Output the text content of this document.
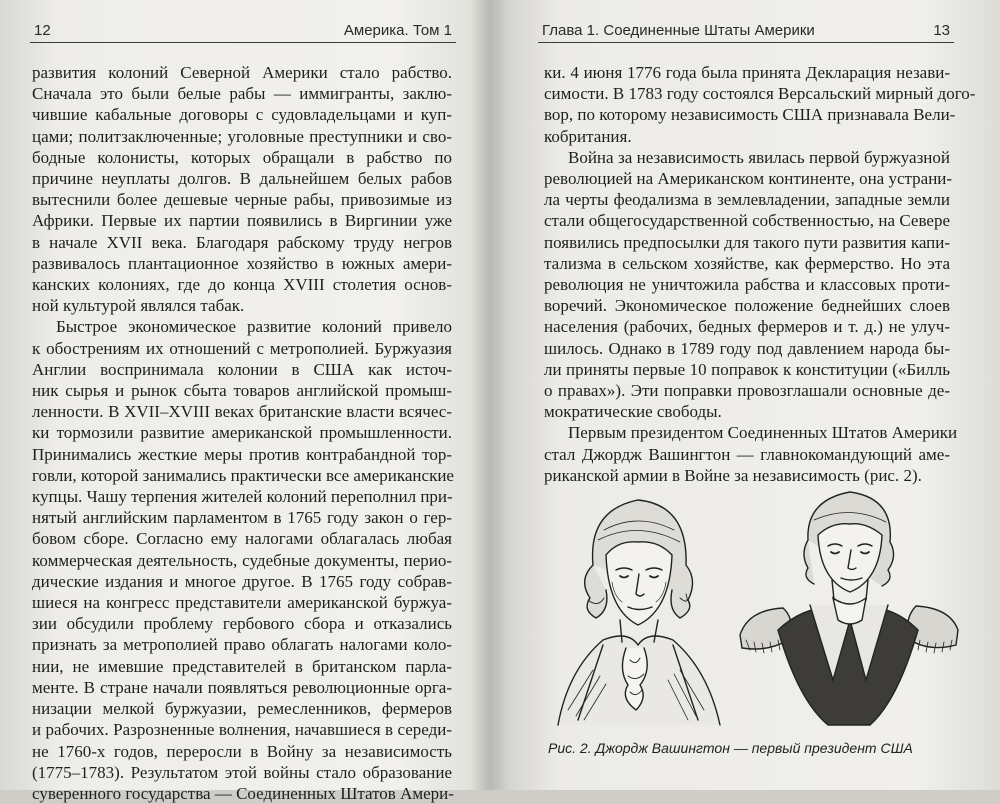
12	Америка. Том 1
развития колоний Северной Америки стало рабство.
Сначала это были белые рабы — иммигранты, заклю-
чившие кабальные договоры с судовладельцами и куп-
цами; политзаключенные; уголовные преступники и сво-
бодные колонисты, которых обращали в рабство по
причине неуплаты долгов. В дальнейшем белых рабов
вытеснили более дешевые черные рабы, привозимые из
Африки. Первые их партии появились в Виргинии уже
в начале XVII века. Благодаря рабскому труду негров
развивалось плантационное хозяйство в южных амери-
канских колониях, где до конца XVIII столетия основ-
ной культурой являлся табак.
Быстрое экономическое развитие колоний привело
к обострениям их отношений с метрополией. Буржуазия
Англии воспринимала колонии в США как источ-
ник сырья и рынок сбыта товаров английской промыш-
ленности. В XVII–XVIII веках британские власти всячес-
ки тормозили развитие американской промышленности.
Принимались жесткие меры против контрабандной тор-
говли, которой занимались практически все американские
купцы. Чашу терпения жителей колоний переполнил при-
нятый английским парламентом в 1765 году закон о гер-
бовом сборе. Согласно ему налогами облагалась любая
коммерческая деятельность, судебные документы, перио-
дические издания и многое другое. В 1765 году собрав-
шиеся на конгресс представители американской буржуа-
зии обсудили проблему гербового сбора и отказались
признать за метрополией право облагать налогами коло-
нии, не имевшие представителей в британском парла-
менте. В стране начали появляться революционные орга-
низации мелкой буржуазии, ремесленников, фермеров
и рабочих. Разрозненные волнения, начавшиеся в середи-
не 1760-х годов, переросли в Войну за независимость
(1775–1783). Результатом этой войны стало образование
суверенного государства — Соединенных Штатов Амери-
Глава 1. Соединенные Штаты Америки	13
ки. 4 июня 1776 года была принята Декларация незави-
симости. В 1783 году состоялся Версальский мирный дого-
вор, по которому независимость США признавала Вели-
кобритания.
Война за независимость явилась первой буржуазной
революцией на Американском континенте, она устрани-
ла черты феодализма в землевладении, западные земли
стали общегосударственной собственностью, на Севере
появились предпосылки для такого пути развития капи-
тализма в сельском хозяйстве, как фермерство. Но эта
революция не уничтожила рабства и классовых проти-
воречий. Экономическое положение беднейших слоев
населения (рабочих, бедных фермеров и т. д.) не улуч-
шилось. Однако в 1789 году под давлением народа бы-
ли приняты первые 10 поправок к конституции («Билль
о правах»). Эти поправки провозглашали основные де-
мократические свободы.
Первым президентом Соединенных Штатов Америки
стал Джордж Вашингтон — главнокомандующий аме-
риканской армии в Войне за независимость (рис. 2).
Рис. 2. Джордж Вашингтон — первый президент США
